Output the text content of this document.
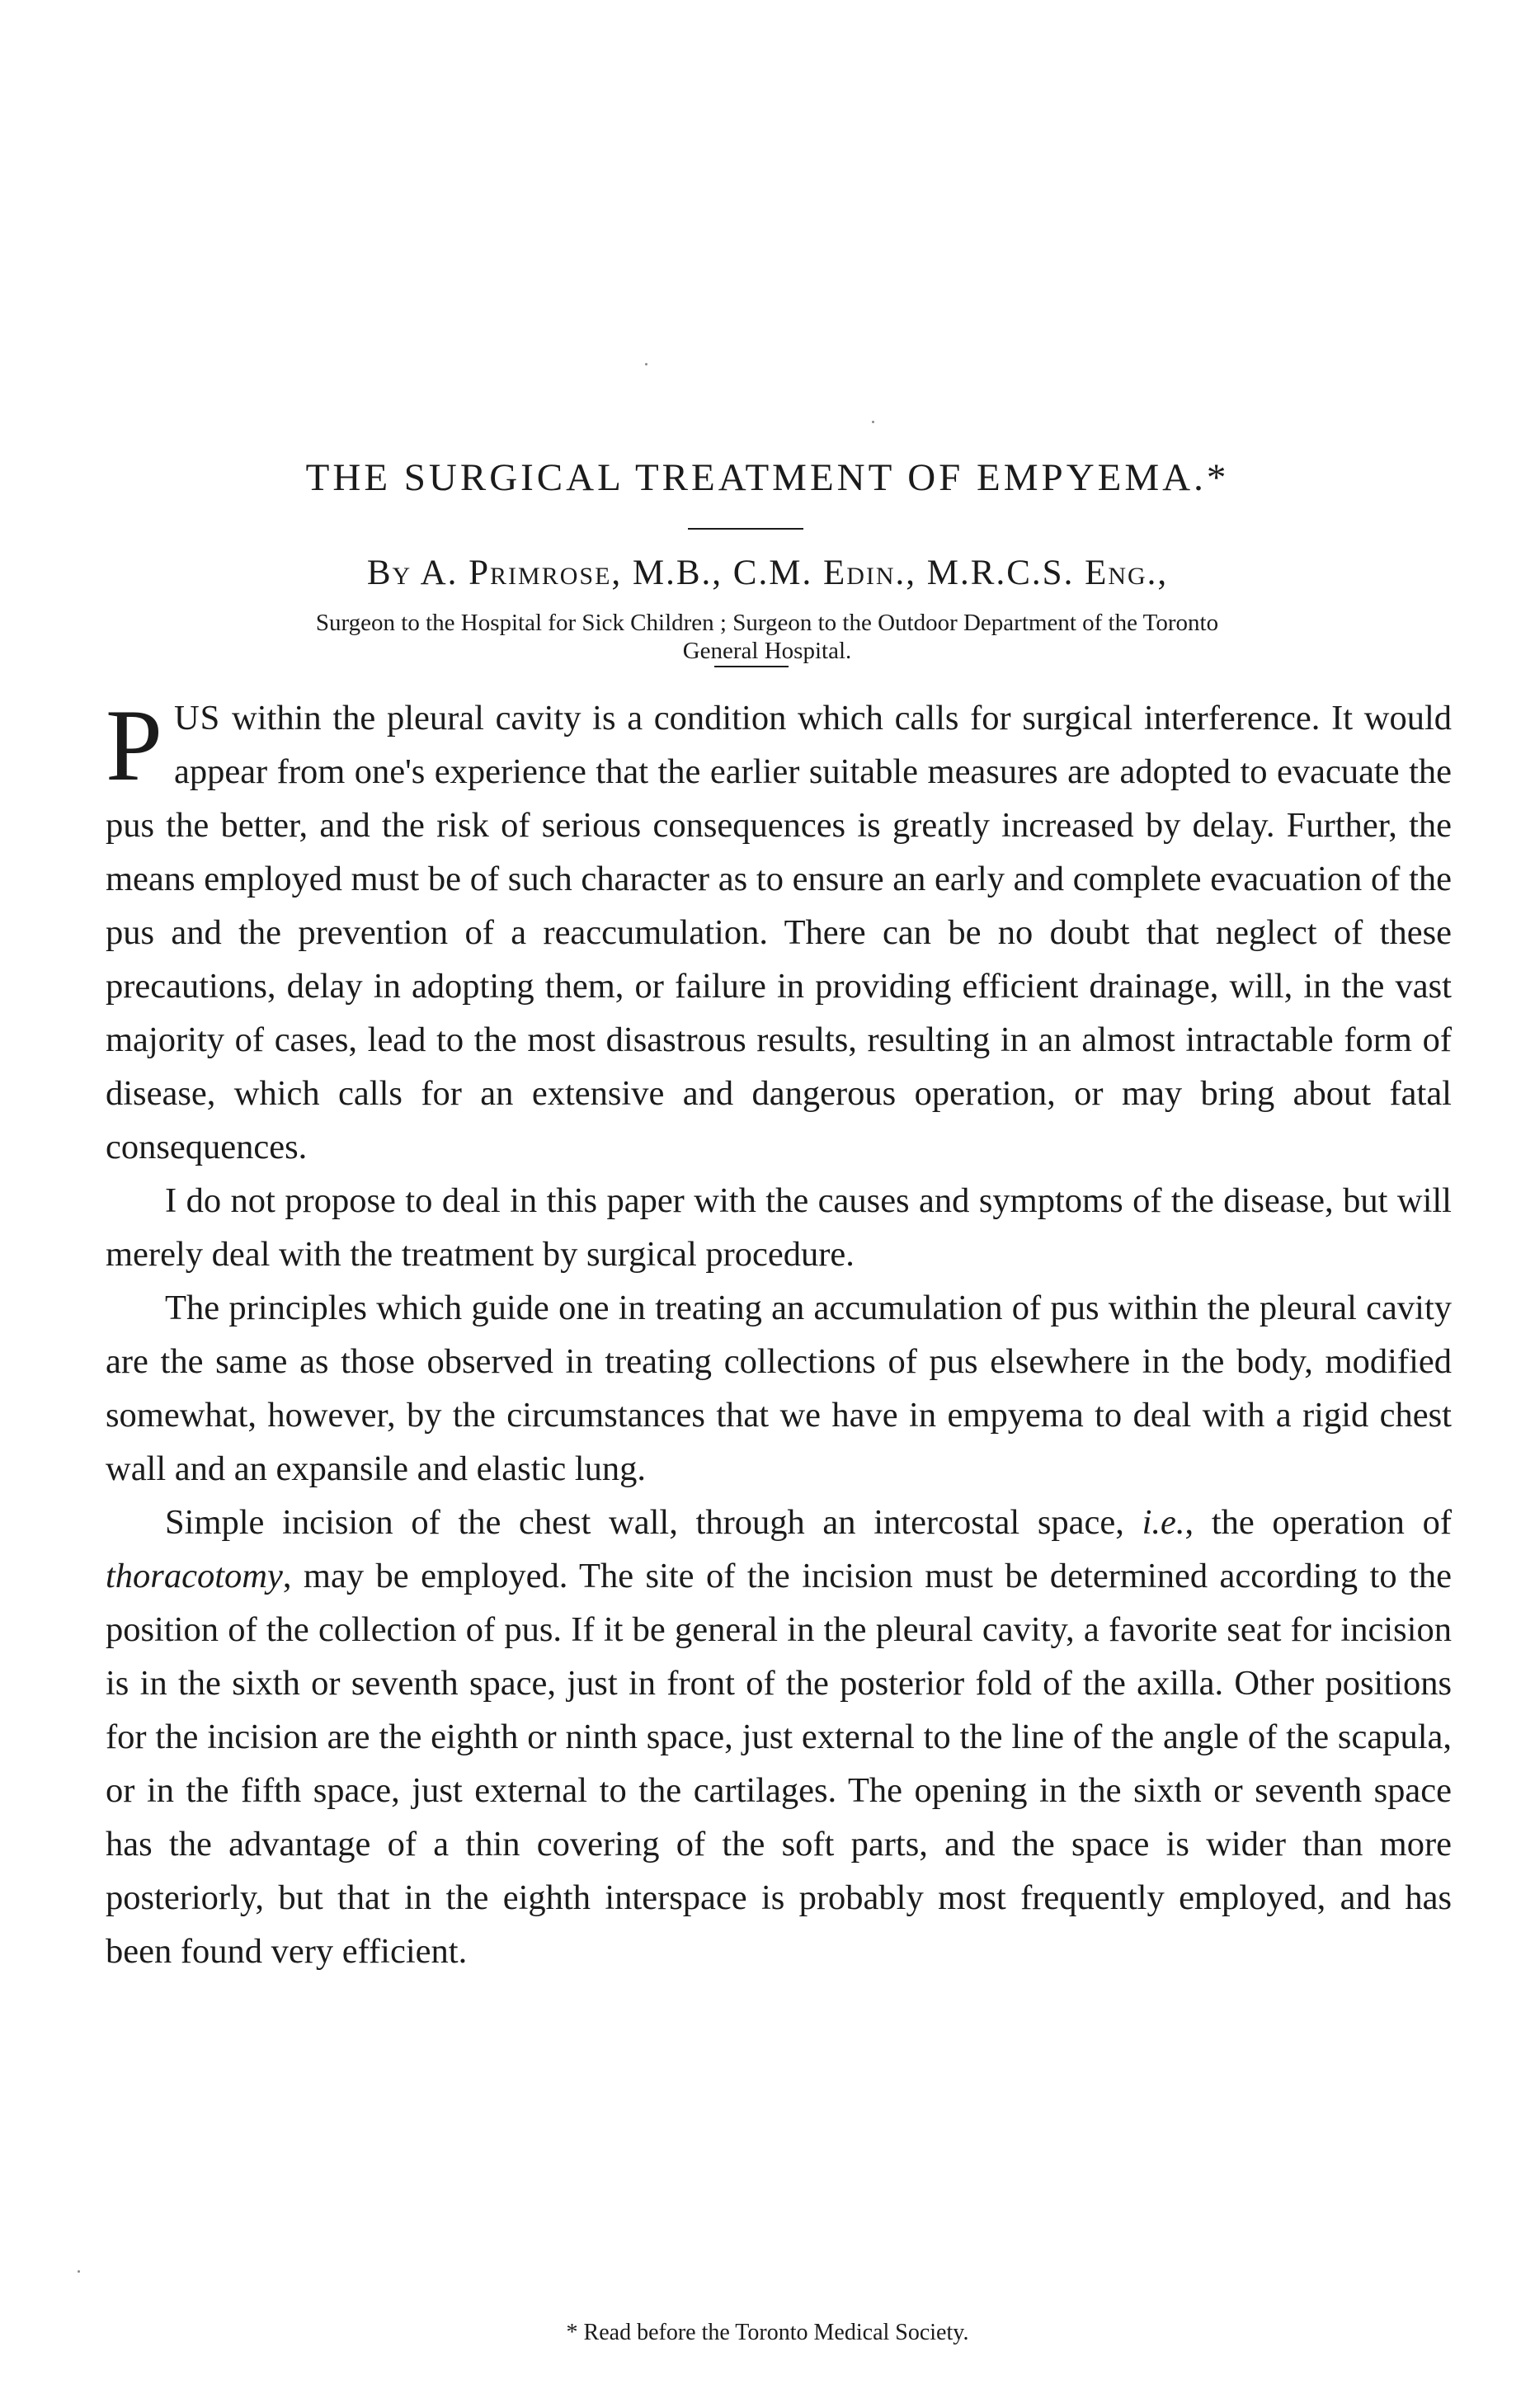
THE SURGICAL TREATMENT OF EMPYEMA.*

By A. Primrose, M.B., C.M. Edin., M.R.C.S. Eng.,

Surgeon to the Hospital for Sick Children ; Surgeon to the Outdoor Department of the Toronto
General Hospital.

PUS within the pleural cavity is a condition which calls for surgical interference. It would appear from one's experience that the earlier suitable measures are adopted to evacuate the pus the better, and the risk of serious consequences is greatly increased by delay. Further, the means employed must be of such character as to ensure an early and complete evacuation of the pus and the prevention of a reaccumulation. There can be no doubt that neglect of these precautions, delay in adopting them, or failure in providing efficient drainage, will, in the vast majority of cases, lead to the most disastrous results, resulting in an almost intractable form of disease, which calls for an extensive and dangerous operation, or may bring about fatal consequences.

I do not propose to deal in this paper with the causes and symptoms of the disease, but will merely deal with the treatment by surgical procedure.

The principles which guide one in treating an accumulation of pus within the pleural cavity are the same as those observed in treating collections of pus elsewhere in the body, modified somewhat, however, by the circumstances that we have in empyema to deal with a rigid chest wall and an expansile and elastic lung.

Simple incision of the chest wall, through an intercostal space, i.e., the operation of thoracotomy, may be employed. The site of the incision must be determined according to the position of the collection of pus. If it be general in the pleural cavity, a favorite seat for incision is in the sixth or seventh space, just in front of the posterior fold of the axilla. Other positions for the incision are the eighth or ninth space, just external to the line of the angle of the scapula, or in the fifth space, just external to the cartilages. The opening in the sixth or seventh space has the advantage of a thin covering of the soft parts, and the space is wider than more posteriorly, but that in the eighth interspace is probably most frequently employed, and has been found very efficient.

* Read before the Toronto Medical Society.
